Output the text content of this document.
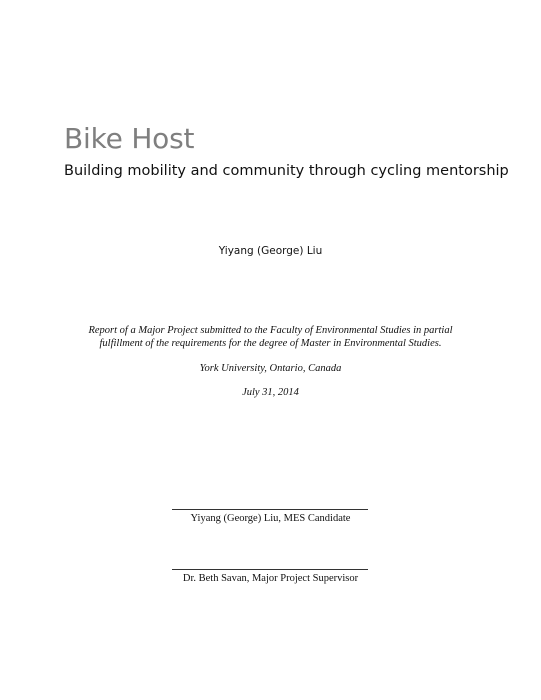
Bike Host
Building mobility and community through cycling mentorship
Yiyang (George) Liu
Report of a Major Project submitted to the Faculty of Environmental Studies in partial
fulfillment of the requirements for the degree of Master in Environmental Studies.
York University, Ontario, Canada
July 31, 2014
Yiyang (George) Liu, MES Candidate
Dr. Beth Savan, Major Project Supervisor
